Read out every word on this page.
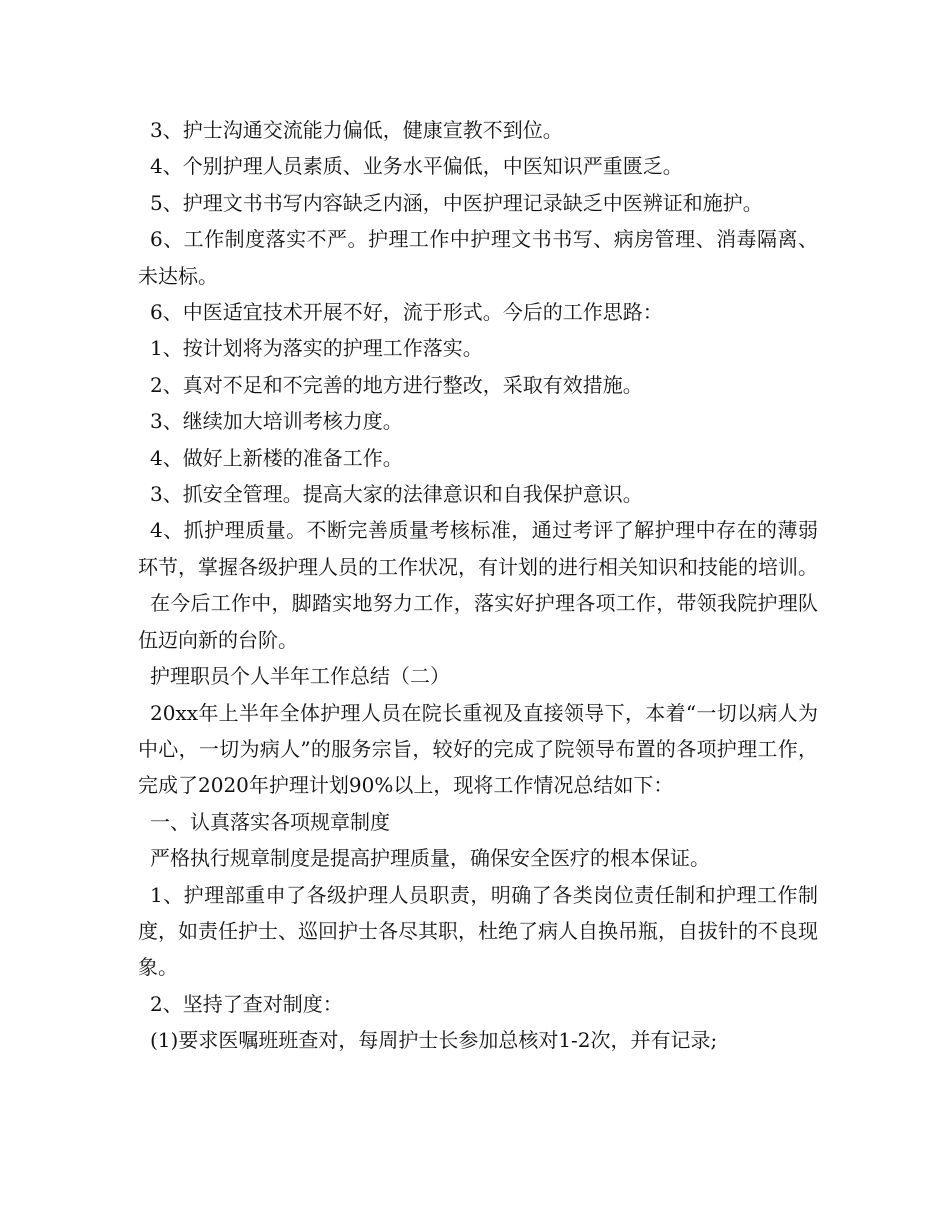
3、护士沟通交流能力偏低，健康宣教不到位。

4、个别护理人员素质、业务水平偏低，中医知识严重匮乏。

5、护理文书书写内容缺乏内涵，中医护理记录缺乏中医辨证和施护。

6、工作制度落实不严。护理工作中护理文书书写、病房管理、消毒隔离、未达标。

6、中医适宜技术开展不好，流于形式。今后的工作思路：

1、按计划将为落实的护理工作落实。

2、真对不足和不完善的地方进行整改，采取有效措施。

3、继续加大培训考核力度。

4、做好上新楼的准备工作。

3、抓安全管理。提高大家的法律意识和自我保护意识。

4、抓护理质量。不断完善质量考核标准，通过考评了解护理中存在的薄弱环节，掌握各级护理人员的工作状况，有计划的进行相关知识和技能的培训。

在今后工作中，脚踏实地努力工作，落实好护理各项工作，带领我院护理队伍迈向新的台阶。

护理职员个人半年工作总结（二）

20xx年上半年全体护理人员在院长重视及直接领导下，本着“一切以病人为中心，一切为病人”的服务宗旨，较好的完成了院领导布置的各项护理工作，完成了2020年护理计划90%以上，现将工作情况总结如下：

一、认真落实各项规章制度

严格执行规章制度是提高护理质量，确保安全医疗的根本保证。

1、护理部重申了各级护理人员职责，明确了各类岗位责任制和护理工作制度，如责任护士、巡回护士各尽其职，杜绝了病人自换吊瓶，自拔针的不良现象。

2、坚持了查对制度：

(1)要求医嘱班班查对，每周护士长参加总核对1-2次，并有记录;
